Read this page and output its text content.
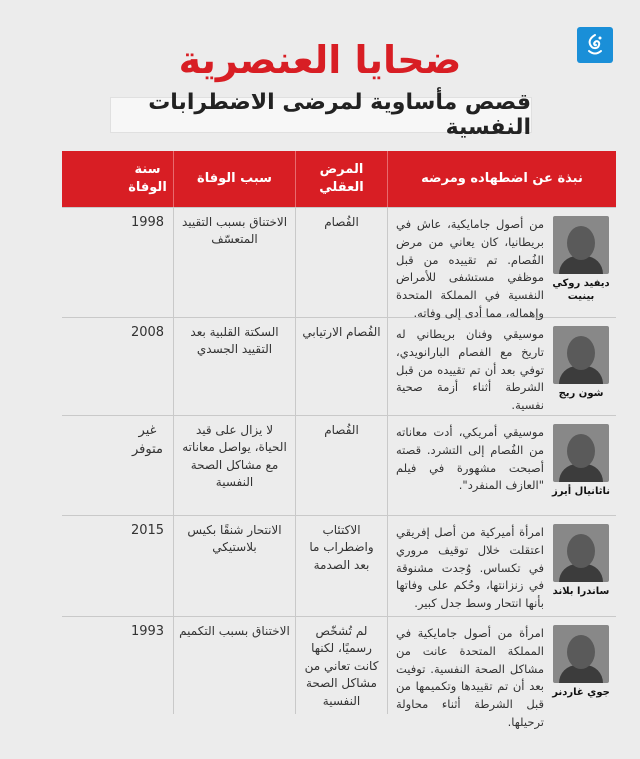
ضحايا العنصرية
قصص مأساوية لمرضى الاضطرابات النفسية
نبذة عن اضطهاده ومرضه
المرض العقلي
سبب الوفاة
سنة الوفاة
ديفيد روكي بينيت
من أصول جامايكية، عاش في بريطانيا، كان يعاني من مرض الفُصام. تم تقييده من قبل موظفي مستشفى للأمراض النفسية في المملكة المتحدة وإهماله، مما أدى إلى وفاته.
الفُصام
الاختناق بسبب التقييد المتعسّف
1998
شون ريج
موسيقي وفنان بريطاني له تاريخ مع الفصام البارانويدي، توفي بعد أن تم تقييده من قبل الشرطة أثناء أزمة صحية نفسية.
الفُصام الارتيابي
السكتة القلبية بعد التقييد الجسدي
2008
ناثانيال أيرز
موسيقي أمريكي، أدت معاناته من الفُصام إلى التشرد. قصته أصبحت مشهورة في فيلم "العازف المنفرد".
الفُصام
لا يزال على قيد الحياة، يواصل معاناته مع مشاكل الصحة النفسية
غير متوفر
ساندرا بلاند
امرأة أميركية من أصل إفريقي اعتقلت خلال توقيف مروري في تكساس. وُجدت مشنوقة في زنزانتها، وحُكم على وفاتها بأنها انتحار وسط جدل كبير.
الاكتئاب واضطراب ما بعد الصدمة
الانتحار شنقًا بكيس بلاستيكي
2015
جوي غاردنر
امرأة من أصول جامايكية في المملكة المتحدة عانت من مشاكل الصحة النفسية. توفيت بعد أن تم تقييدها وتكميمها من قبل الشرطة أثناء محاولة ترحيلها.
لم تُشخّص رسميًا، لكنها كانت تعاني من مشاكل الصحة النفسية
الاختناق بسبب التكميم
1993
